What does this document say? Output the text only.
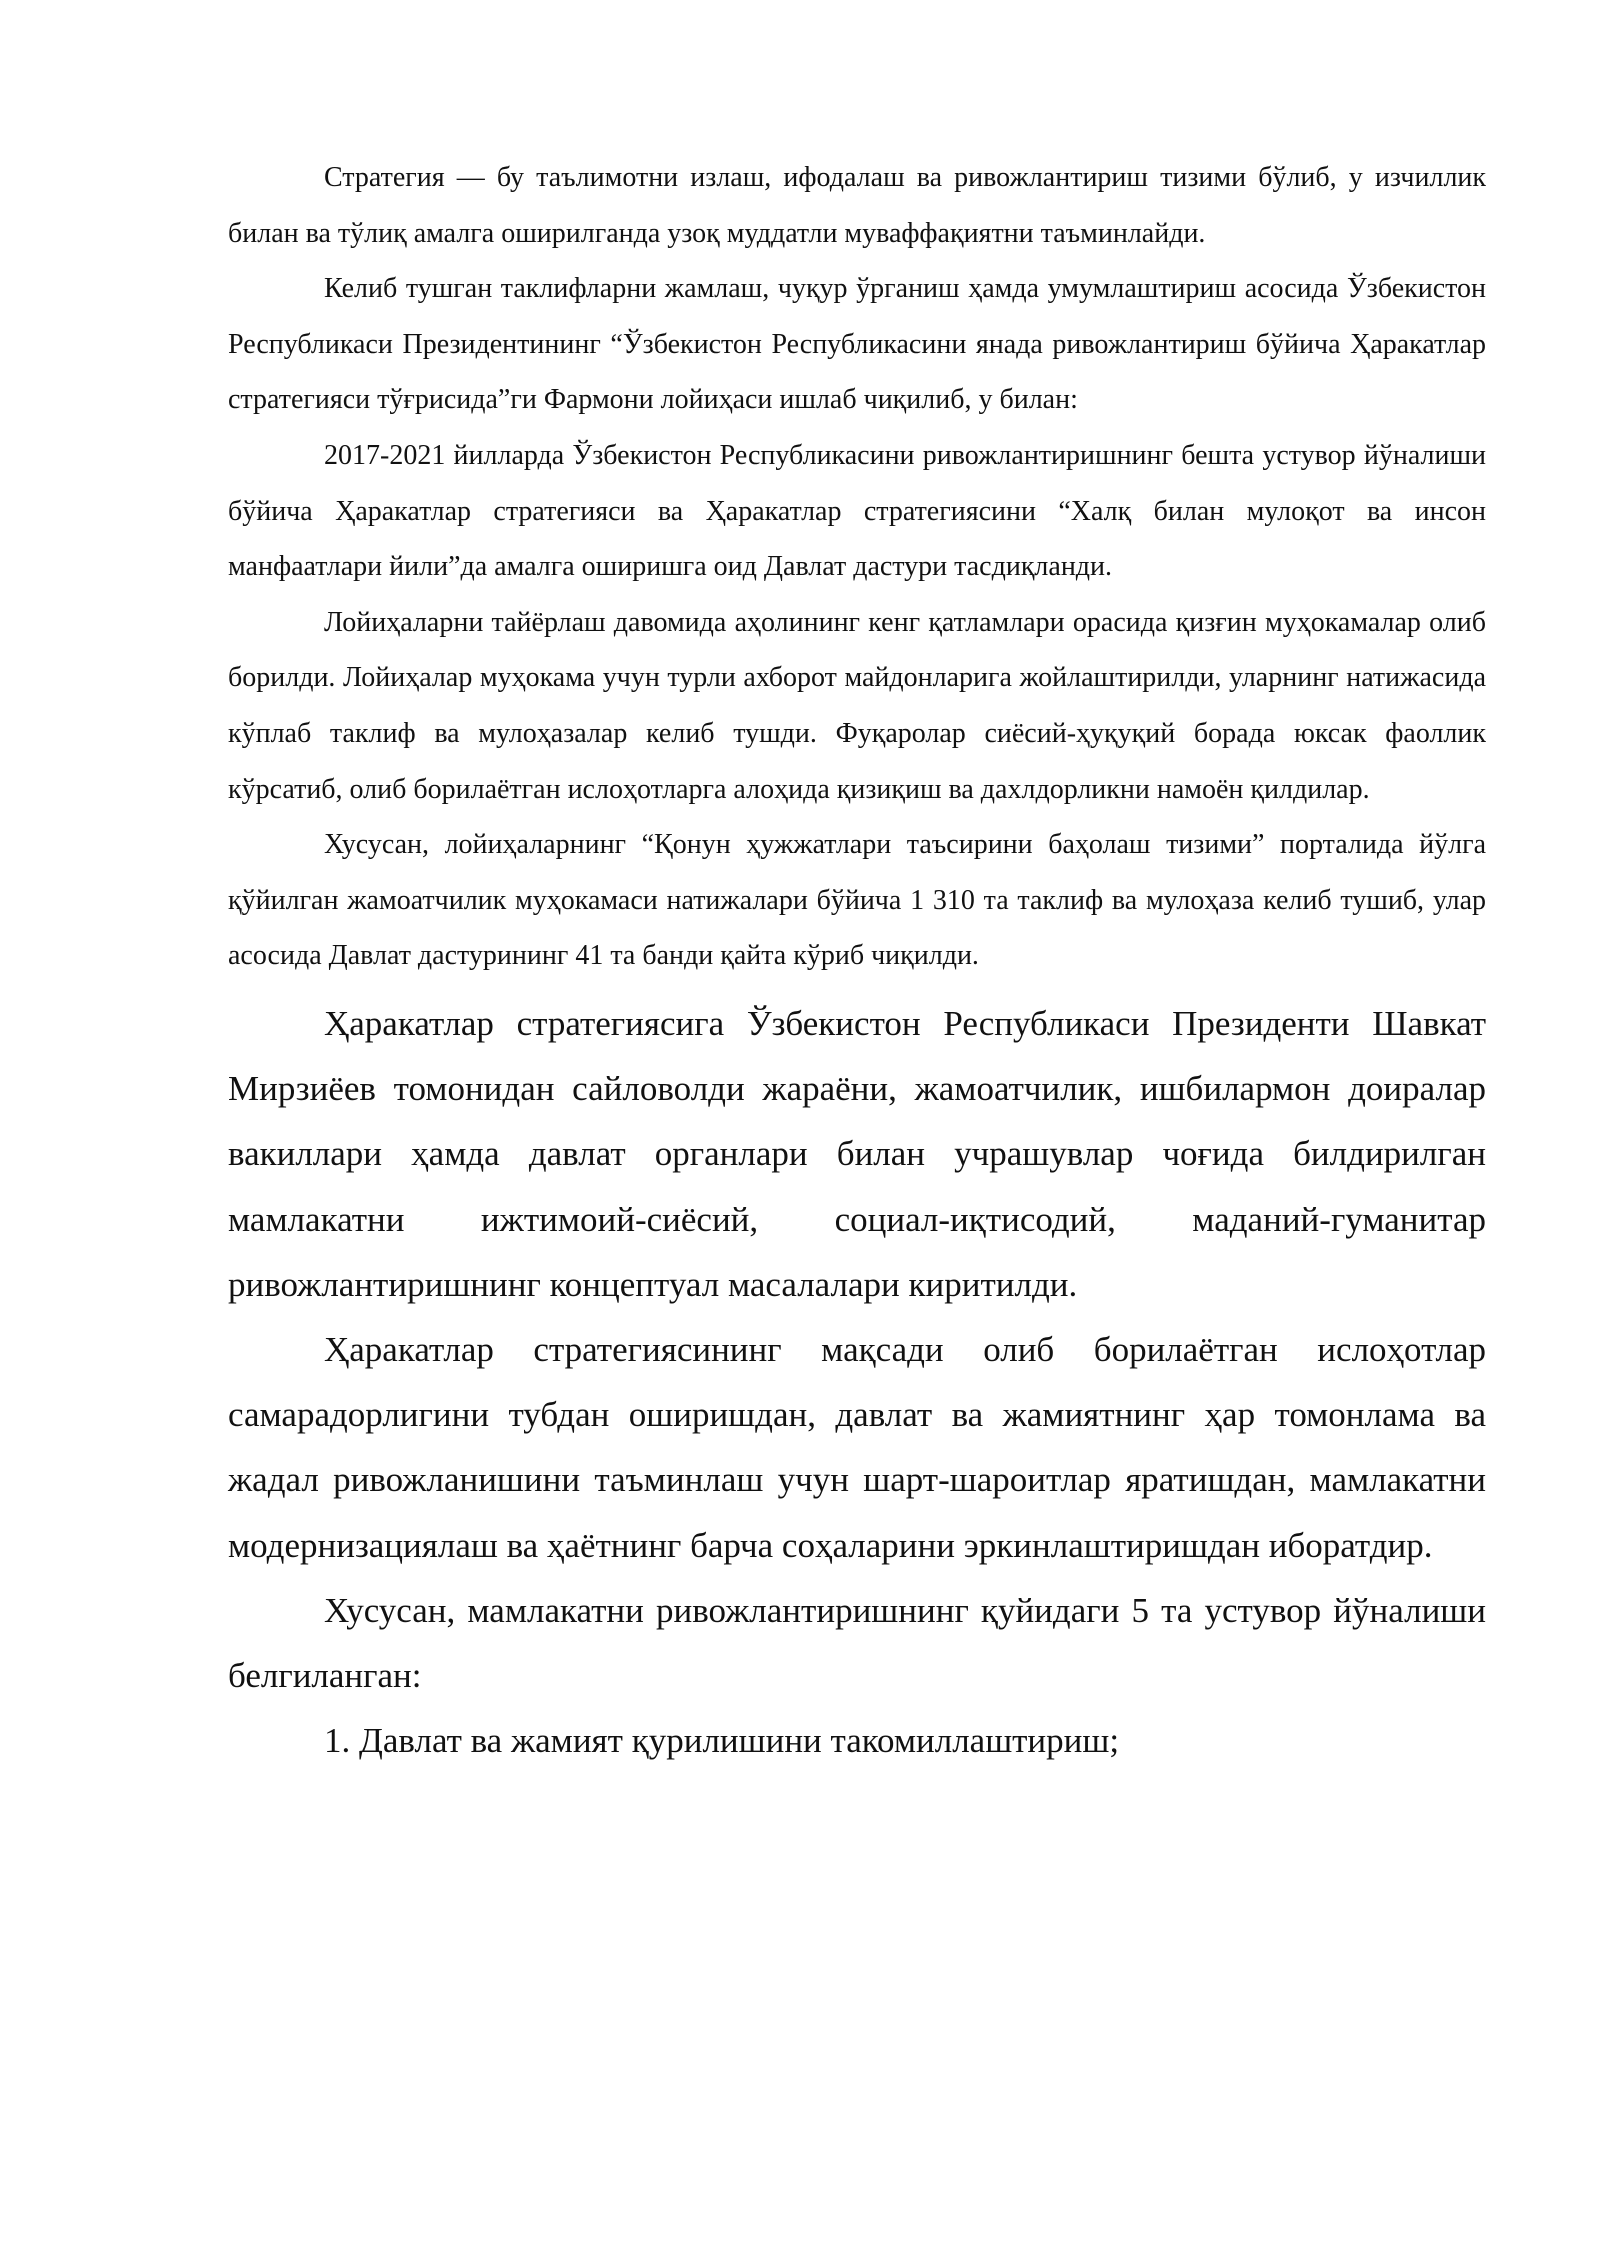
Стратегия — бу таълимотни излаш, ифодалаш ва ривожлантириш тизими бўлиб, у изчиллик билан ва тўлиқ амалга оширилганда узоқ муддатли муваффақиятни таъминлайди.

Келиб тушган таклифларни жамлаш, чуқур ўрганиш ҳамда умумлаштириш асосида Ўзбекистон Республикаси Президентининг “Ўзбекистон Республикасини янада ривожлантириш бўйича Ҳаракатлар стратегияси тўғрисида”ги Фармони лойиҳаси ишлаб чиқилиб, у билан:

2017-2021 йилларда Ўзбекистон Республикасини ривожлантиришнинг бешта устувор йўналиши бўйича Ҳаракатлар стратегияси ва Ҳаракатлар стратегиясини “Халқ билан мулоқот ва инсон манфаатлари йили”да амалга оширишга оид Давлат дастури тасдиқланди.

Лойиҳаларни тайёрлаш давомида аҳолининг кенг қатламлари орасида қизғин муҳокамалар олиб борилди. Лойиҳалар муҳокама учун турли ахборот майдонларига жойлаштирилди, уларнинг натижасида кўплаб таклиф ва мулоҳазалар келиб тушди. Фуқаролар сиёсий-ҳуқуқий борада юксак фаоллик кўрсатиб, олиб борилаётган ислоҳотларга алоҳида қизиқиш ва дахлдорликни намоён қилдилар.

Хусусан, лойиҳаларнинг “Қонун ҳужжатлари таъсирини баҳолаш тизими” порталида йўлга қўйилган жамоатчилик муҳокамаси натижалари бўйича 1 310 та таклиф ва мулоҳаза келиб тушиб, улар асосида Давлат дастурининг 41 та банди қайта кўриб чиқилди.

Ҳаракатлар стратегиясига Ўзбекистон Республикаси Президенти Шавкат Мирзиёев томонидан сайловолди жараёни, жамоатчилик, ишбилармон доиралар вакиллари ҳамда давлат органлари билан учрашувлар чоғида билдирилган мамлакатни ижтимоий-сиёсий, социал-иқтисодий, маданий-гуманитар ривожлантиришнинг концептуал масалалари киритилди.

Ҳаракатлар стратегиясининг мақсади олиб борилаётган ислоҳотлар самарадорлигини тубдан оширишдан, давлат ва жамиятнинг ҳар томонлама ва жадал ривожланишини таъминлаш учун шарт-шароитлар яратишдан, мамлакатни модернизациялаш ва ҳаётнинг барча соҳаларини эркинлаштиришдан иборатдир.

Хусусан, мамлакатни ривожлантиришнинг қуйидаги 5 та устувор йўналиши белгиланган:

1. Давлат ва жамият қурилишини такомиллаштириш;
